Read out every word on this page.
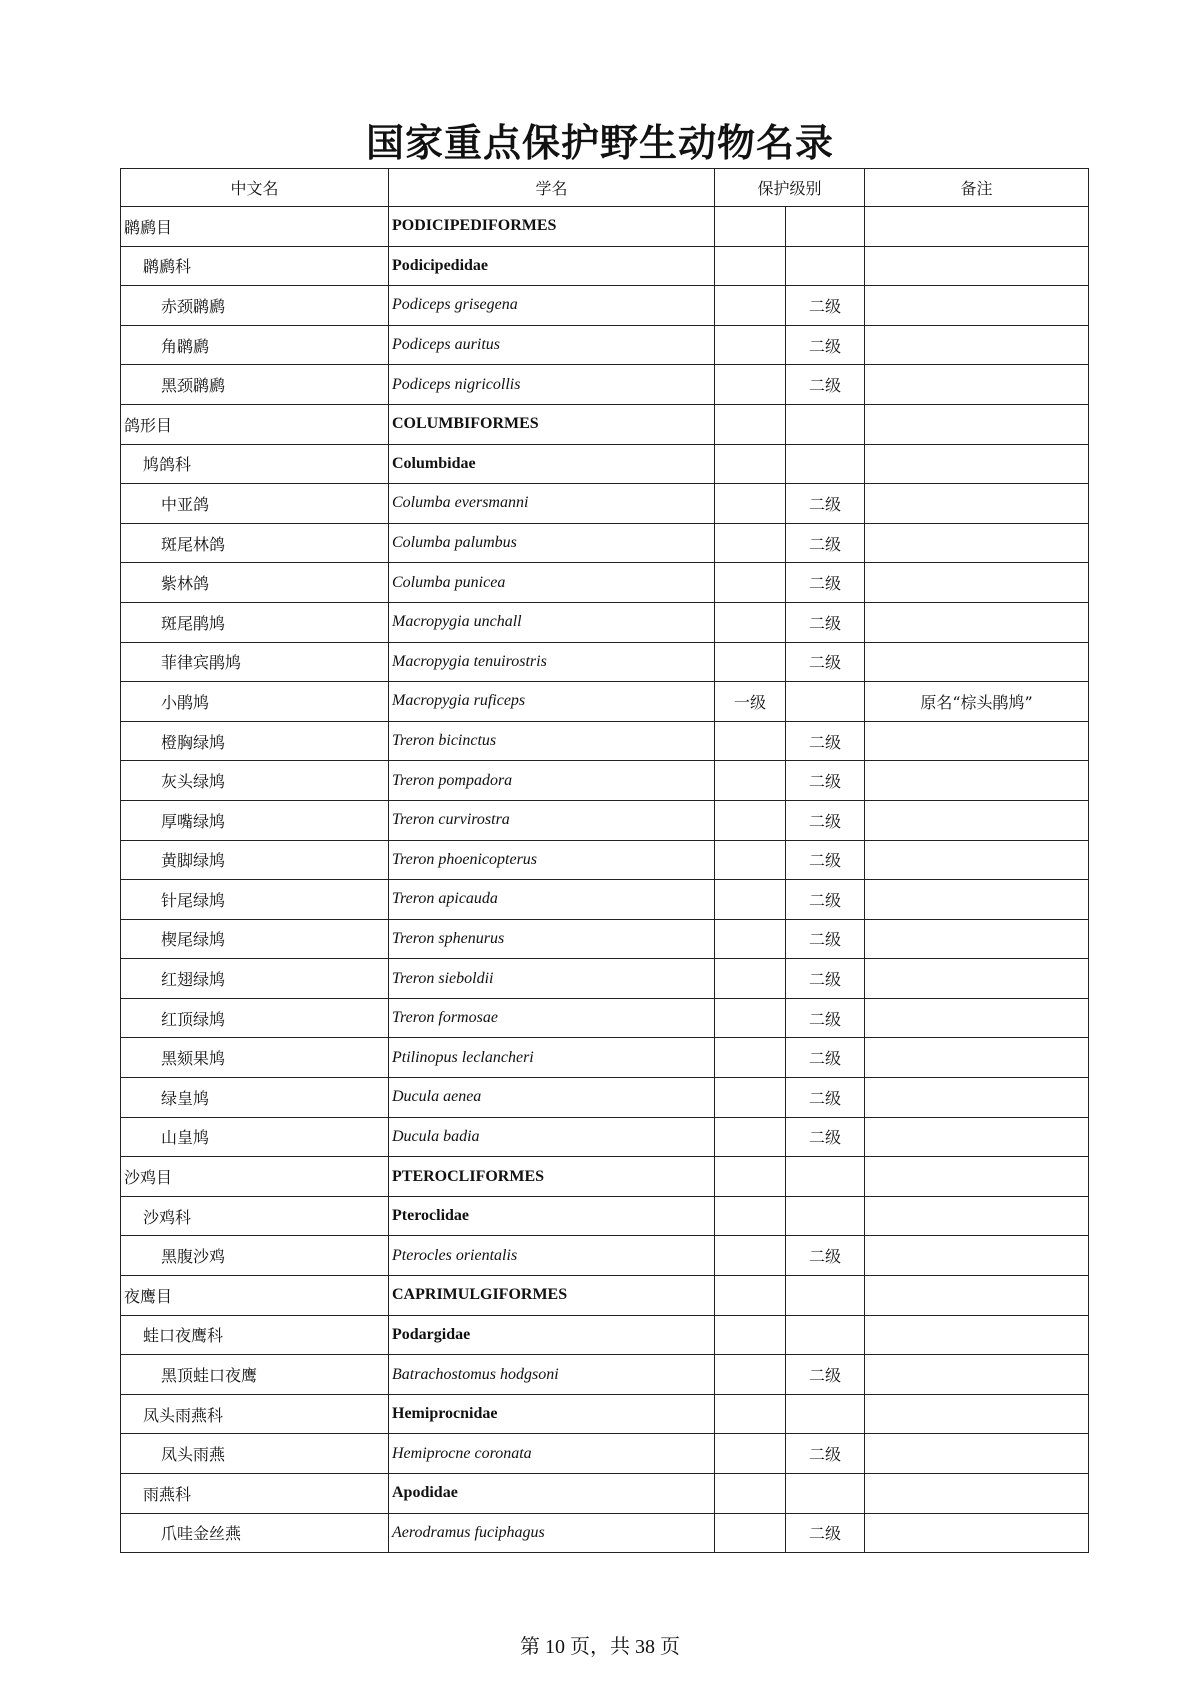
国家重点保护野生动物名录
中文名	学名	保护级别		备注
䴙䴘目	PODICIPEDIFORMES			
䴙䴘科	Podicipedidae			
赤颈䴙䴘	Podiceps grisegena		二级	
角䴙䴘	Podiceps auritus		二级	
黑颈䴙䴘	Podiceps nigricollis		二级	
鸽形目	COLUMBIFORMES			
鸠鸽科	Columbidae			
中亚鸽	Columba eversmanni		二级	
斑尾林鸽	Columba palumbus		二级	
紫林鸽	Columba punicea		二级	
斑尾鹃鸠	Macropygia unchall		二级	
菲律宾鹃鸠	Macropygia tenuirostris		二级	
小鹃鸠	Macropygia ruficeps	一级		原名“棕头鹃鸠”
橙胸绿鸠	Treron bicinctus		二级	
灰头绿鸠	Treron pompadora		二级	
厚嘴绿鸠	Treron curvirostra		二级	
黄脚绿鸠	Treron phoenicopterus		二级	
针尾绿鸠	Treron apicauda		二级	
楔尾绿鸠	Treron sphenurus		二级	
红翅绿鸠	Treron sieboldii		二级	
红顶绿鸠	Treron formosae		二级	
黑颏果鸠	Ptilinopus leclancheri		二级	
绿皇鸠	Ducula aenea		二级	
山皇鸠	Ducula badia		二级	
沙鸡目	PTEROCLIFORMES			
沙鸡科	Pteroclidae			
黑腹沙鸡	Pterocles orientalis		二级	
夜鹰目	CAPRIMULGIFORMES			
蛙口夜鹰科	Podargidae			
黑顶蛙口夜鹰	Batrachostomus hodgsoni		二级	
凤头雨燕科	Hemiprocnidae			
凤头雨燕	Hemiprocne coronata		二级	
雨燕科	Apodidae			
爪哇金丝燕	Aerodramus fuciphagus		二级	
第 10 页，共 38 页
